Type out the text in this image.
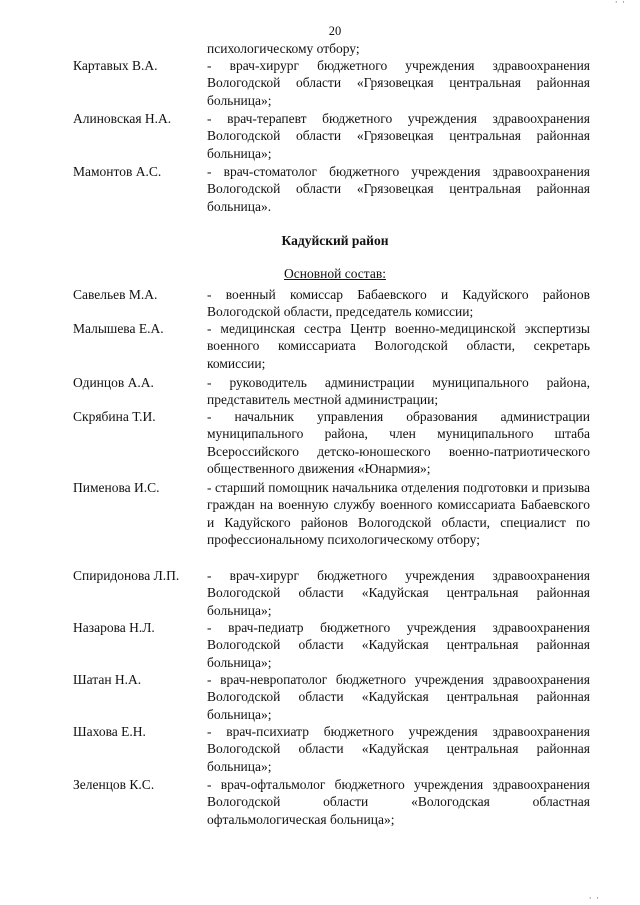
· ·
20
психологическому отбору;
Картавых В.А.	- врач-хирург бюджетного учреждения здравоохранения Вологодской области «Грязовецкая центральная районная больница»;
Алиновская Н.А.	- врач-терапевт бюджетного учреждения здравоохранения Вологодской области «Грязовецкая центральная районная больница»;
Мамонтов А.С.	- врач-стоматолог бюджетного учреждения здравоохранения Вологодской области «Грязовецкая центральная районная больница».
Кадуйский район
Основной состав:
Савельев М.А.	- военный комиссар Бабаевского и Кадуйского районов Вологодской области, председатель комиссии;
Малышева Е.А.	- медицинская сестра Центр военно-медицинской экспертизы военного комиссариата Вологодской области, секретарь комиссии;
Одинцов А.А.	- руководитель администрации муниципального района, представитель местной администрации;
Скрябина Т.И.	- начальник управления образования администрации муниципального района, член муниципального штаба Всероссийского детско-юношеского военно-патриотического общественного движения «Юнармия»;
Пименова И.С.	- старший помощник начальника отделения подготовки и призыва граждан на военную службу военного комиссариата Бабаевского и Кадуйского районов Вологодской области, специалист по профессиональному психологическому отбору;
Спиридонова Л.П. - врач-хирург бюджетного учреждения здравоохранения Вологодской области «Кадуйская центральная районная больница»;
Назарова Н.Л.	- врач-педиатр бюджетного учреждения здравоохранения Вологодской области «Кадуйская центральная районная больница»;
Шатан Н.А.	- врач-невропатолог бюджетного учреждения здравоохранения Вологодской области «Кадуйская центральная районная больница»;
Шахова Е.Н.	- врач-психиатр бюджетного учреждения здравоохранения Вологодской области «Кадуйская центральная районная больница»;
Зеленцов К.С.	- врач-офтальмолог бюджетного учреждения здравоохранения Вологодской области «Вологодская областная офтальмологическая больница»;
· ·
